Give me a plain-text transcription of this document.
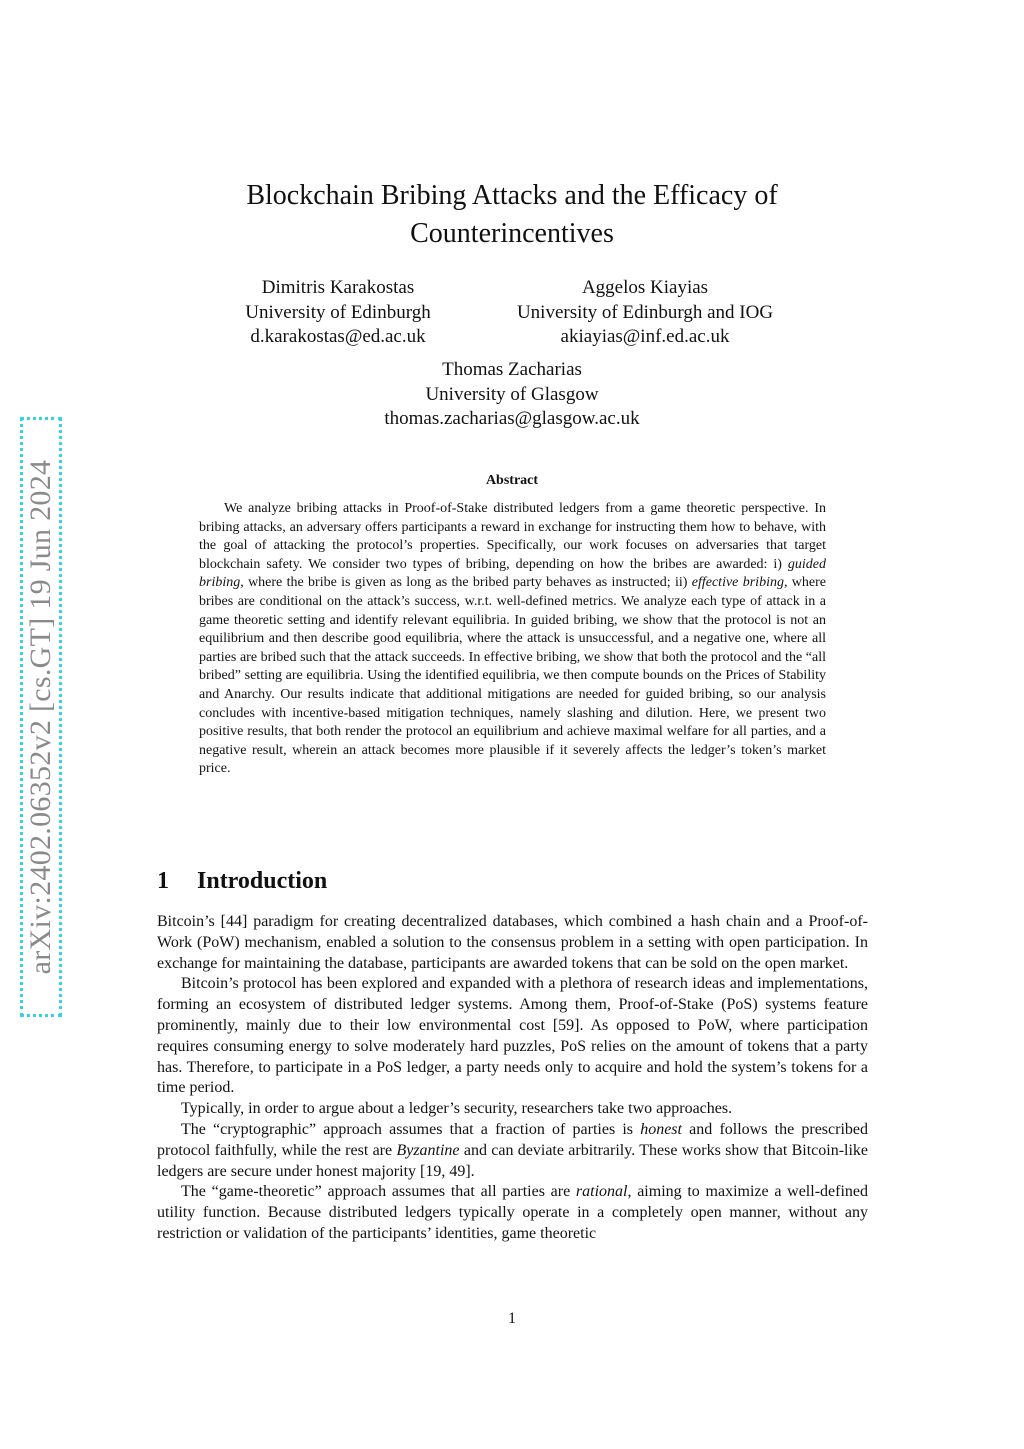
arXiv:2402.06352v2 [cs.GT] 19 Jun 2024
Blockchain Bribing Attacks and the Efficacy of
Counterincentives
Dimitris Karakostas
University of Edinburgh
d.karakostas@ed.ac.uk
Aggelos Kiayias
University of Edinburgh and IOG
akiayias@inf.ed.ac.uk
Thomas Zacharias
University of Glasgow
thomas.zacharias@glasgow.ac.uk
Abstract
We analyze bribing attacks in Proof-of-Stake distributed ledgers from a game theoretic perspective. In bribing attacks, an adversary offers participants a reward in exchange for instructing them how to behave, with the goal of attacking the protocol’s properties. Specifically, our work focuses on adversaries that target blockchain safety. We consider two types of bribing, depending on how the bribes are awarded: i) guided bribing, where the bribe is given as long as the bribed party behaves as instructed; ii) effective bribing, where bribes are conditional on the attack’s success, w.r.t. well-defined metrics. We analyze each type of attack in a game theoretic setting and identify relevant equilibria. In guided bribing, we show that the protocol is not an equilibrium and then describe good equilibria, where the attack is unsuccessful, and a negative one, where all parties are bribed such that the attack succeeds. In effective bribing, we show that both the protocol and the “all bribed” setting are equilibria. Using the identified equilibria, we then compute bounds on the Prices of Stability and Anarchy. Our results indicate that additional mitigations are needed for guided bribing, so our analysis concludes with incentive-based mitigation techniques, namely slashing and dilution. Here, we present two positive results, that both render the protocol an equilibrium and achieve maximal welfare for all parties, and a negative result, wherein an attack becomes more plausible if it severely affects the ledger’s token’s market price.
1 Introduction

Bitcoin’s [44] paradigm for creating decentralized databases, which combined a hash chain and a Proof-of-Work (PoW) mechanism, enabled a solution to the consensus problem in a setting with open participation. In exchange for maintaining the database, participants are awarded tokens that can be sold on the open market.

Bitcoin’s protocol has been explored and expanded with a plethora of research ideas and implementations, forming an ecosystem of distributed ledger systems. Among them, Proof-of-Stake (PoS) systems feature prominently, mainly due to their low environmental cost [59]. As opposed to PoW, where participation requires consuming energy to solve moderately hard puzzles, PoS relies on the amount of tokens that a party has. Therefore, to participate in a PoS ledger, a party needs only to acquire and hold the system’s tokens for a time period.

Typically, in order to argue about a ledger’s security, researchers take two approaches.

The “cryptographic” approach assumes that a fraction of parties is honest and follows the prescribed protocol faithfully, while the rest are Byzantine and can deviate arbitrarily. These works show that Bitcoin-like ledgers are secure under honest majority [19, 49].

The “game-theoretic” approach assumes that all parties are rational, aiming to maximize a well-defined utility function. Because distributed ledgers typically operate in a completely open manner, without any restriction or validation of the participants’ identities, game theoretic

1
